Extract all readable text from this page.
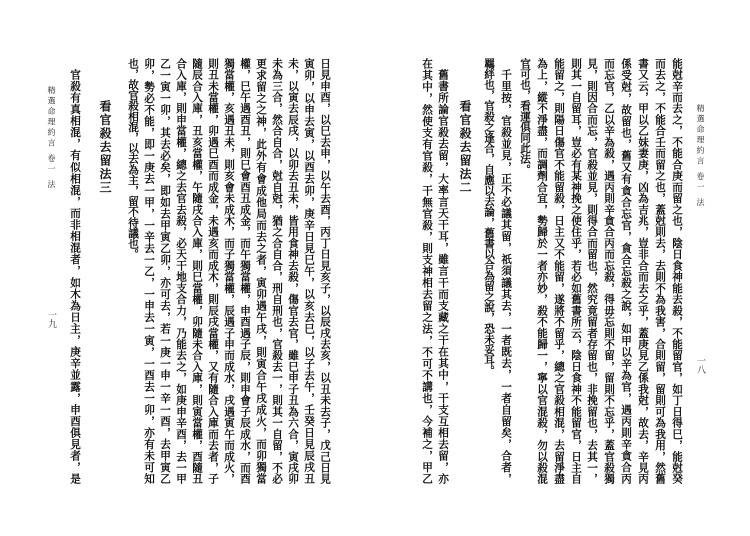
精選命理約言 卷一 法
一九	日見申酉，以巳去申，以午去酉，丙丁日見亥子，以辰戌去亥，以丑未去子，戊己日見
寅卯，以申去寅，以酉去卯，庚辛日見巳午，以亥去巳，以子去午，壬癸日見辰戌丑
未，以寅去辰戌，以卯去丑未，皆用食神去殺，傷官去官，雖巳申子丑為六合，寅戌卯
未為三合，然合自合，尅自尅，猶之合自合，刑自刑也，官殺去一，則其一自留，不必
更求留之之神，此外有會成他局而去之者，寅卯遇午戌，則寅合午戌成火，而卯獨當
權，巳午遇酉丑，則巳會酉丑成金，而午獨當權，申酉遇子辰，則申會子辰成水，而酉
獨當權，亥遇丑未，則亥會未成木，而子獨當權，辰遇子申而成水，戌遇寅午而成火，
則丑未當權，卯遇巳酉而成金，未遇亥而成木，則辰戌當權，又有隨合入庫而去者，子
隨辰合入庫，丑亥當權，午隨戌合入庫，則巳當權，卯隨未合入庫，則寅當權，酉隨丑
合入庫，則申當權，總之去官去殺，必天干地支合力，乃能去之，如庚申辛酉，去一甲
乙一寅一卯，其去必矣，即如去甲寅乙卯，亦可去，若一庚一申一辛一酉，去甲寅乙
卯，勢必不能，即一庚去一甲，一辛去一乙，一申去一寅，一酉去一卯，亦有未可知
也，故官殺相混，以去為主，留不待議也。
看官殺去留法三
官殺有真相混，有似相混，而非相混者，如木為日主，庚辛並露，申酉俱見者，是	精選命理約言 卷一 法
一八
能尅辛而去之，不能合庚而留之也，陰日食神能去殺，不能留官，如丁日得巳，能尅癸
而去之，不能合壬而留之也，蓋尅則去，去則不為我害，合則留，留則可為我用，然舊
書又云，甲以乙妹妻庚，凶為吉兆，豈非合而去之乎，蓋庚見乙係我尅，故去，辛見丙
係受尅，故留也，舊又有貪合忘官，貪合忘殺之說，如甲以辛為官，遇丙則辛貪合丙
而忘官，乙以辛為殺，遇丙則辛貪合丙而忘殺，得毋忘則不留，留則不忘乎，蓋官殺獨
見，則因合而忘，官殺並見，則得合而留也，然究竟留者存留也，非挽留也，去其一，
則其一自留耳，豈必有某神挽之使住乎，若必如舊書所云，陰日食神不能留官，日主自
能留之，則陽日傷官不能留殺，日主又不能留，遂將不留乎，總之官殺相混，去留淨盡
為上，縱不淨盡，而調劑合宜，勢歸於一者亦妙，殺不能歸一，寧以官混殺，勿以殺混
官可也，看運俱同此法。
千里按，官殺並見，正不必議其留，祇須議其去，一者既去，一者自留矣，合者，
羈絆也，官殺之逢合，自應以去論，舊書以合為留之說，恐未妥耳。
看官殺去留法二
舊書所論官殺去留，大率言天干耳，雖言干而支藏之干在其中，干支互相去留，亦
在其中，然使支有官殺，干無官殺，則支神相去留之法，不可不講也，今補之，甲乙
